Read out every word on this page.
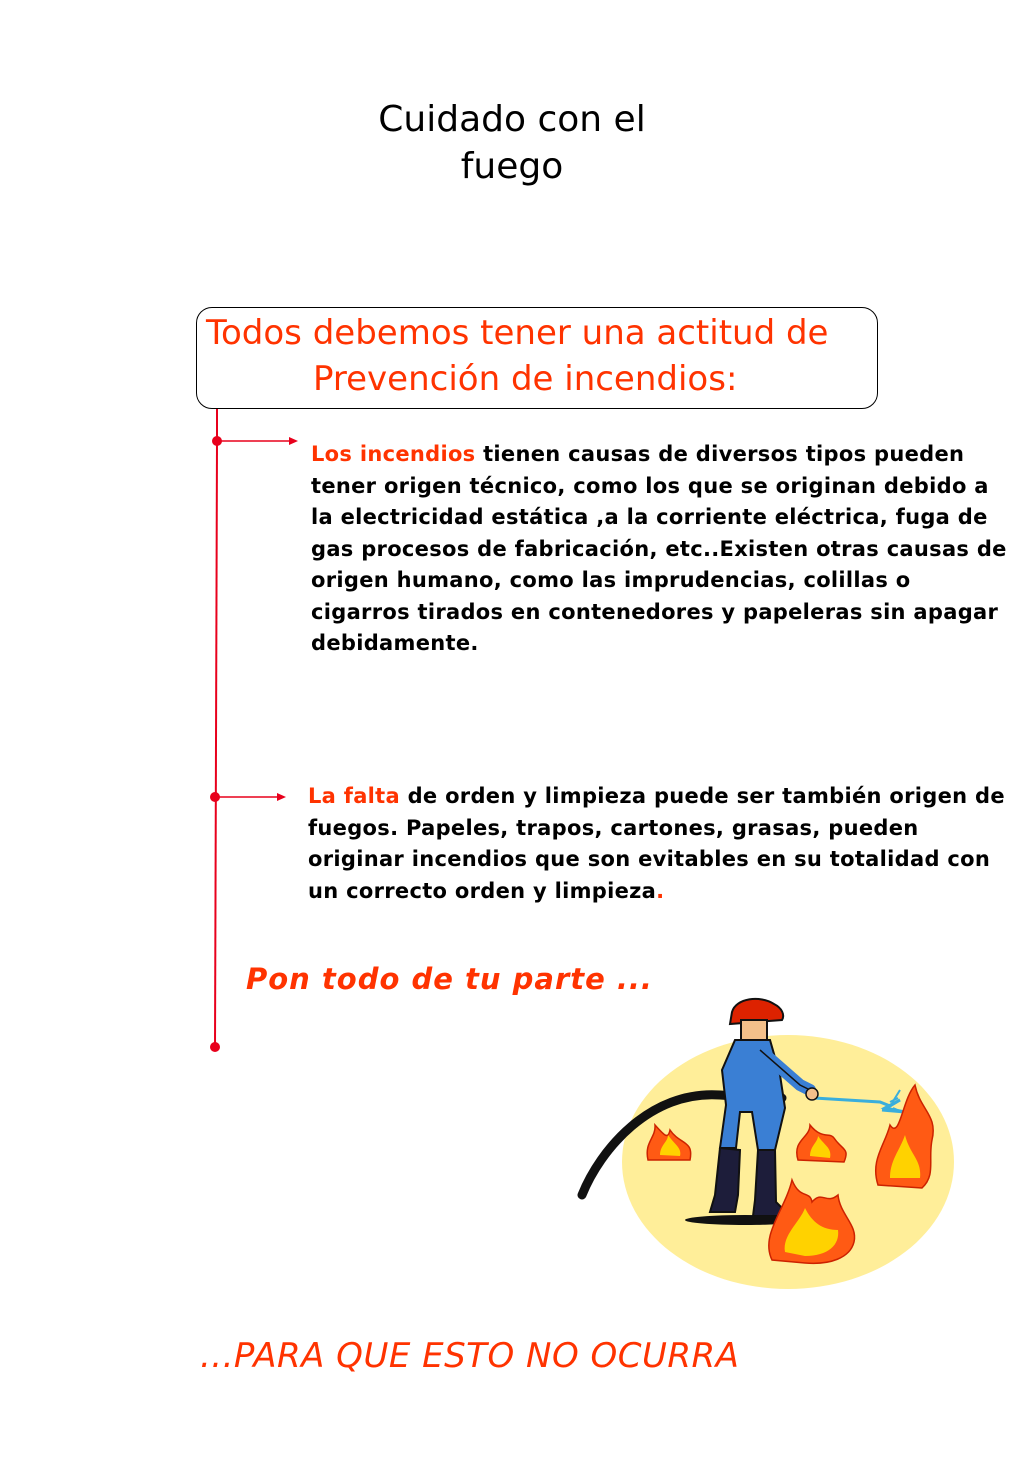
Cuidado con el
fuego
Todos debemos tener una actitud de
Prevención de incendios:
Los incendios tienen causas de diversos tipos pueden tener origen técnico, como los que se originan debido a la electricidad estática ,a la corriente eléctrica, fuga de gas procesos de fabricación, etc..Existen otras causas de origen humano, como las imprudencias, colillas o cigarros tirados en contenedores y papeleras sin apagar debidamente.
La falta de orden y limpieza puede ser también origen de fuegos. Papeles, trapos, cartones, grasas, pueden originar incendios que son evitables en su totalidad con un correcto orden y limpieza.
Pon todo de tu parte ...
...PARA QUE ESTO NO OCURRA
